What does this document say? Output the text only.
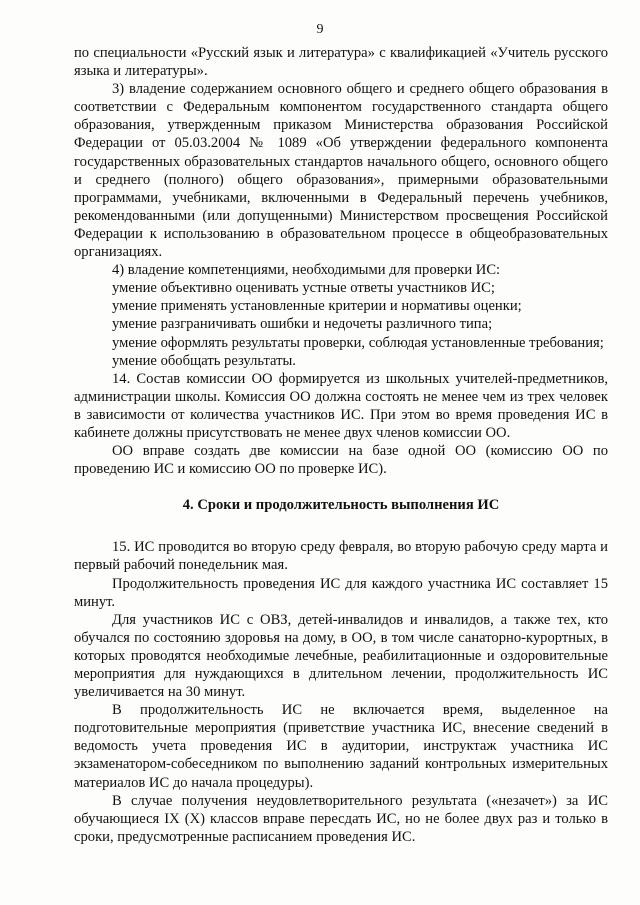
9

по специальности «Русский язык и литература» с квалификацией «Учитель русского языка и литературы».

3) владение содержанием основного общего и среднего общего образования в соответствии с Федеральным компонентом государственного стандарта общего образования, утвержденным приказом Министерства образования Российской Федерации от 05.03.2004 № 1089 «Об утверждении федерального компонента государственных образовательных стандартов начального общего, основного общего и среднего (полного) общего образования», примерными образовательными программами, учебниками, включенными в Федеральный перечень учебников, рекомендованными (или допущенными) Министерством просвещения Российской Федерации к использованию в образовательном процессе в общеобразовательных организациях.

4) владение компетенциями, необходимыми для проверки ИС:

умение объективно оценивать устные ответы участников ИС;

умение применять установленные критерии и нормативы оценки;

умение разграничивать ошибки и недочеты различного типа;

умение оформлять результаты проверки, соблюдая установленные требования;

умение обобщать результаты.

14. Состав комиссии ОО формируется из школьных учителей-предметников, администрации школы. Комиссия ОО должна состоять не менее чем из трех человек в зависимости от количества участников ИС. При этом во время проведения ИС в кабинете должны присутствовать не менее двух членов комиссии ОО.

ОО вправе создать две комиссии на базе одной ОО (комиссию ОО по проведению ИС и комиссию ОО по проверке ИС).

4. Сроки и продолжительность выполнения ИС

15. ИС проводится во вторую среду февраля, во вторую рабочую среду марта и первый рабочий понедельник мая.

Продолжительность проведения ИС для каждого участника ИС составляет 15 минут.

Для участников ИС с ОВЗ, детей-инвалидов и инвалидов, а также тех, кто обучался по состоянию здоровья на дому, в ОО, в том числе санаторно-курортных, в которых проводятся необходимые лечебные, реабилитационные и оздоровительные мероприятия для нуждающихся в длительном лечении, продолжительность ИС увеличивается на 30 минут.

В продолжительность ИС не включается время, выделенное на подготовительные мероприятия (приветствие участника ИС, внесение сведений в ведомость учета проведения ИС в аудитории, инструктаж участника ИС экзаменатором-собеседником по выполнению заданий контрольных измерительных материалов ИС до начала процедуры).

В случае получения неудовлетворительного результата («незачет») за ИС обучающиеся IX (X) классов вправе пересдать ИС, но не более двух раз и только в сроки, предусмотренные расписанием проведения ИС.
